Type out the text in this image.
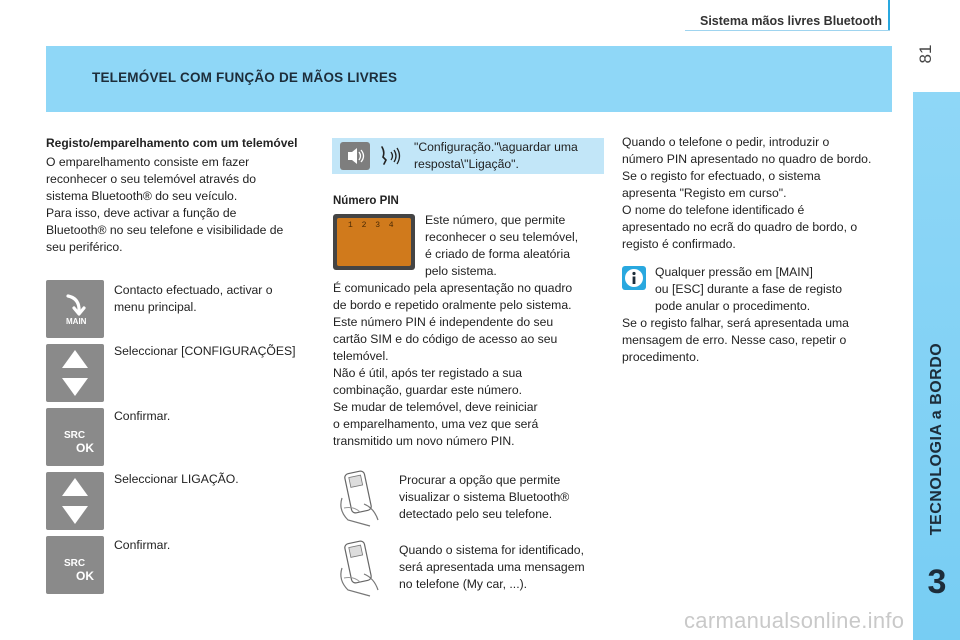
Sistema mãos livres Bluetooth
81
TELEMÓVEL COM FUNÇÃO DE MÃOS LIVRES
TECNOLOGIA a BORDO
3
Registo/emparelhamento com um telemóvel
O emparelhamento consiste em fazer
reconhecer o seu telemóvel através do
sistema Bluetooth® do seu veículo.
Para isso, deve activar a função de
Bluetooth® no seu telefone e visibilidade de
seu periférico.
MAIN
Contacto efectuado, activar o
menu principal.
Seleccionar [CONFIGURAÇÕES]
SRC
OK
Confirmar.
Seleccionar LIGAÇÃO.
SRC
OK
Confirmar.
"Configuração."\aguardar uma
resposta\"Ligação".
Número PIN
1 2 3 4 Este número, que permite
reconhecer o seu telemóvel,
é criado de forma aleatória
pelo sistema.
É comunicado pela apresentação no quadro
de bordo e repetido oralmente pelo sistema.
Este número PIN é independente do seu
cartão SIM e do código de acesso ao seu
telemóvel.
Não é útil, após ter registado a sua
combinação, guardar este número.
Se mudar de telemóvel, deve reiniciar
o emparelhamento, uma vez que será
transmitido um novo número PIN.
Procurar a opção que permite
visualizar o sistema Bluetooth®
detectado pelo seu telefone.
Quando o sistema for identificado,
será apresentada uma mensagem
no telefone (My car, ...).
Quando o telefone o pedir, introduzir o
número PIN apresentado no quadro de bordo.
Se o registo for efectuado, o sistema
apresenta "Registo em curso".
O nome do telefone identificado é
apresentado no ecrã do quadro de bordo, o
registo é confirmado.
Qualquer pressão em [MAIN]
ou [ESC] durante a fase de registo
pode anular o procedimento.
Se o registo falhar, será apresentada uma
mensagem de erro. Nesse caso, repetir o
procedimento.
carmanualsonline.info
